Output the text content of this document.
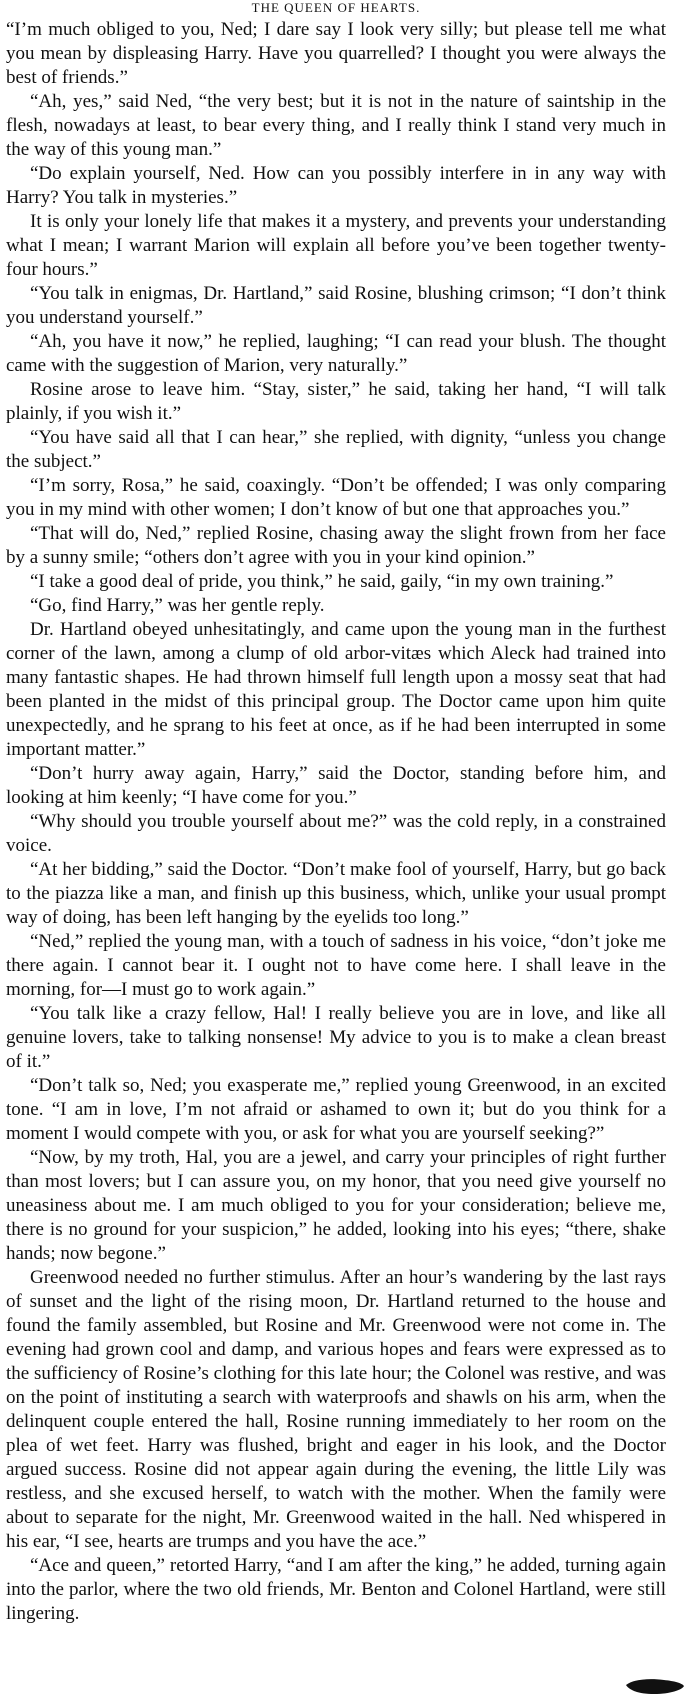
THE QUEEN OF HEARTS.

“I’m much obliged to you, Ned; I dare say I look very silly; but please tell me what you mean by displeasing Harry. Have you quarrelled? I thought you were always the best of friends.”

“Ah, yes,” said Ned, “the very best; but it is not in the nature of saintship in the flesh, nowadays at least, to bear every thing, and I really think I stand very much in the way of this young man.”

“Do explain yourself, Ned. How can you possibly interfere in in any way with Harry? You talk in mysteries.”

It is only your lonely life that makes it a mystery, and prevents your understanding what I mean; I warrant Marion will explain all before you’ve been together twenty-four hours.”

“You talk in enigmas, Dr. Hartland,” said Rosine, blushing crimson; “I don’t think you understand yourself.”

“Ah, you have it now,” he replied, laughing; “I can read your blush. The thought came with the suggestion of Marion, very naturally.”

Rosine arose to leave him. “Stay, sister,” he said, taking her hand, “I will talk plainly, if you wish it.”

“You have said all that I can hear,” she replied, with dignity, “unless you change the subject.”

“I’m sorry, Rosa,” he said, coaxingly. “Don’t be offended; I was only comparing you in my mind with other women; I don’t know of but one that approaches you.”

“That will do, Ned,” replied Rosine, chasing away the slight frown from her face by a sunny smile; “others don’t agree with you in your kind opinion.”

“I take a good deal of pride, you think,” he said, gaily, “in my own training.”

“Go, find Harry,” was her gentle reply.

Dr. Hartland obeyed unhesitatingly, and came upon the young man in the furthest corner of the lawn, among a clump of old arbor-vitæs which Aleck had trained into many fantastic shapes. He had thrown himself full length upon a mossy seat that had been planted in the midst of this principal group. The Doctor came upon him quite unexpectedly, and he sprang to his feet at once, as if he had been interrupted in some important matter.”

“Don’t hurry away again, Harry,” said the Doctor, standing before him, and looking at him keenly; “I have come for you.”

“Why should you trouble yourself about me?” was the cold reply, in a constrained voice.

“At her bidding,” said the Doctor. “Don’t make fool of yourself, Harry, but go back to the piazza like a man, and finish up this business, which, unlike your usual prompt way of doing, has been left hanging by the eyelids too long.”

“Ned,” replied the young man, with a touch of sadness in his voice, “don’t joke me there again. I cannot bear it. I ought not to have come here. I shall leave in the morning, for—I must go to work again.”

“You talk like a crazy fellow, Hal! I really believe you are in love, and like all genuine lovers, take to talking nonsense! My advice to you is to make a clean breast of it.”

“Don’t talk so, Ned; you exasperate me,” replied young Greenwood, in an excited tone. “I am in love, I’m not afraid or ashamed to own it; but do you think for a moment I would compete with you, or ask for what you are yourself seeking?”

“Now, by my troth, Hal, you are a jewel, and carry your principles of right further than most lovers; but I can assure you, on my honor, that you need give yourself no uneasiness about me. I am much obliged to you for your consideration; believe me, there is no ground for your suspicion,” he added, looking into his eyes; “there, shake hands; now begone.”

Greenwood needed no further stimulus. After an hour’s wandering by the last rays of sunset and the light of the rising moon, Dr. Hartland returned to the house and found the family assembled, but Rosine and Mr. Greenwood were not come in. The evening had grown cool and damp, and various hopes and fears were expressed as to the sufficiency of Rosine’s clothing for this late hour; the Colonel was restive, and was on the point of instituting a search with waterproofs and shawls on his arm, when the delinquent couple entered the hall, Rosine running immediately to her room on the plea of wet feet. Harry was flushed, bright and eager in his look, and the Doctor argued success. Rosine did not appear again during the evening, the little Lily was restless, and she excused herself, to watch with the mother. When the family were about to separate for the night, Mr. Greenwood waited in the hall. Ned whispered in his ear, “I see, hearts are trumps and you have the ace.”

“Ace and queen,” retorted Harry, “and I am after the king,” he added, turning again into the parlor, where the two old friends, Mr. Benton and Colonel Hartland, were still lingering.
